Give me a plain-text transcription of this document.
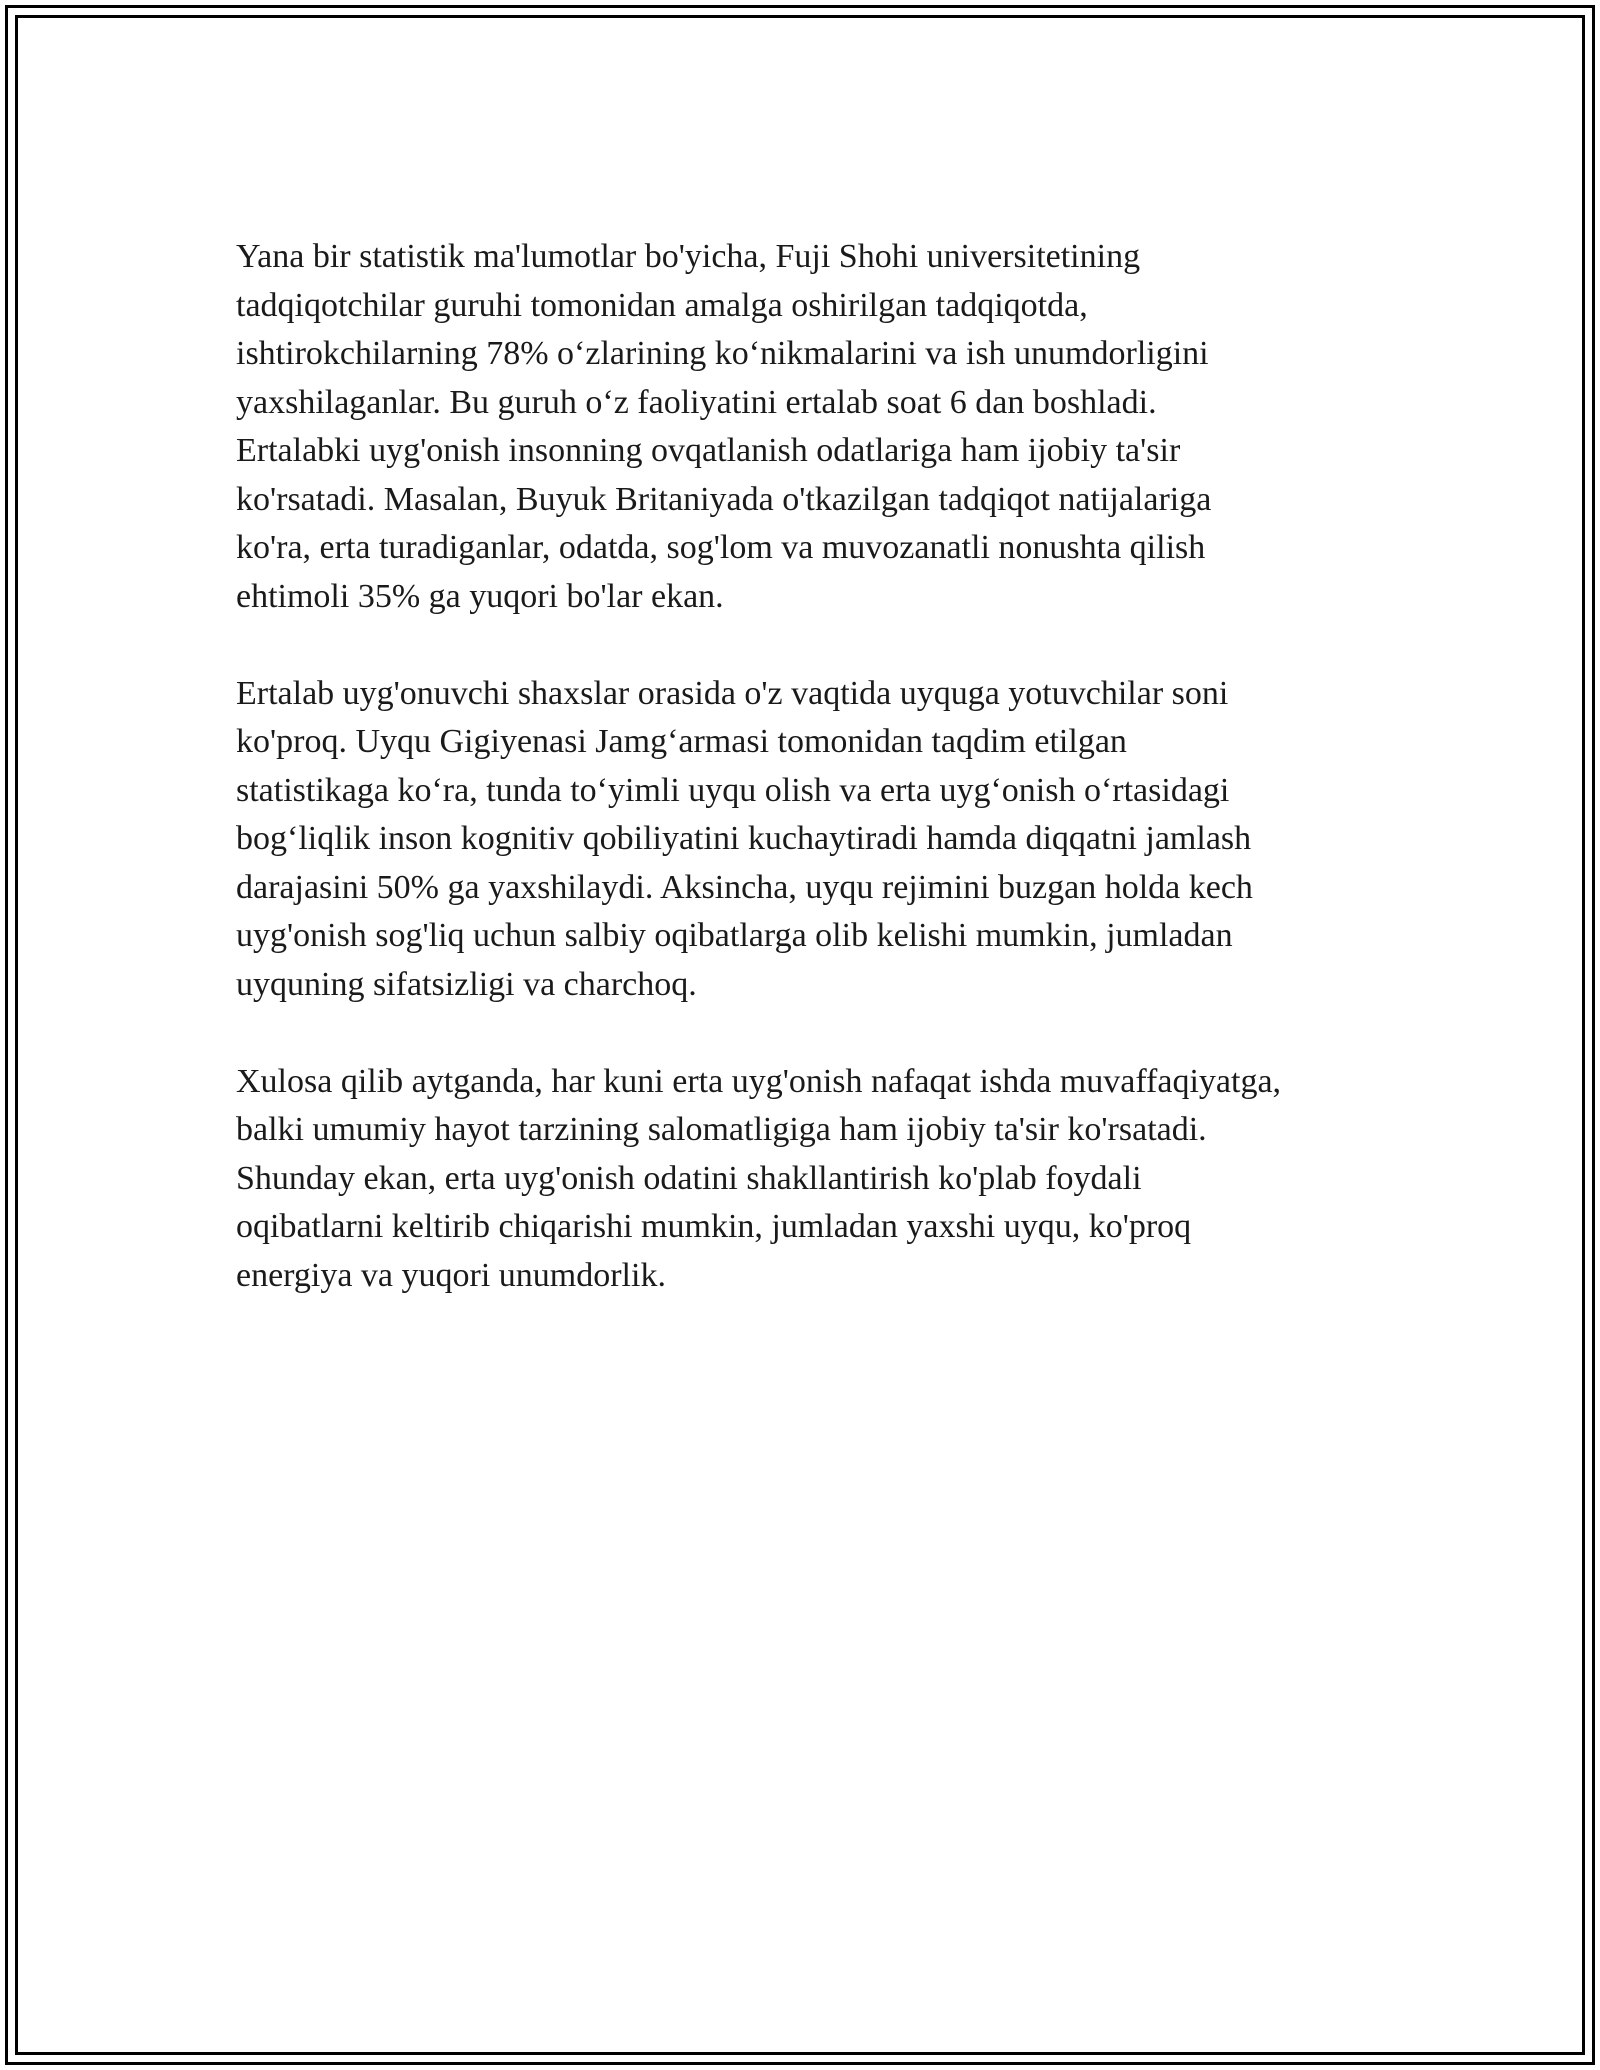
Yana bir statistik ma'lumotlar bo'yicha, Fuji Shohi universitetining
tadqiqotchilar guruhi tomonidan amalga oshirilgan tadqiqotda,
ishtirokchilarning 78% oʻzlarining koʻnikmalarini va ish unumdorligini
yaxshilaganlar. Bu guruh oʻz faoliyatini ertalab soat 6 dan boshladi.
Ertalabki uyg'onish insonning ovqatlanish odatlariga ham ijobiy ta'sir
ko'rsatadi. Masalan, Buyuk Britaniyada o'tkazilgan tadqiqot natijalariga
ko'ra, erta turadiganlar, odatda, sog'lom va muvozanatli nonushta qilish
ehtimoli 35% ga yuqori bo'lar ekan.

Ertalab uyg'onuvchi shaxslar orasida o'z vaqtida uyquga yotuvchilar soni
ko'proq. Uyqu Gigiyenasi Jamgʻarmasi tomonidan taqdim etilgan
statistikaga koʻra, tunda toʻyimli uyqu olish va erta uygʻonish oʻrtasidagi
bogʻliqlik inson kognitiv qobiliyatini kuchaytiradi hamda diqqatni jamlash
darajasini 50% ga yaxshilaydi. Aksincha, uyqu rejimini buzgan holda kech
uyg'onish sog'liq uchun salbiy oqibatlarga olib kelishi mumkin, jumladan
uyquning sifatsizligi va charchoq.

Xulosa qilib aytganda, har kuni erta uyg'onish nafaqat ishda muvaffaqiyatga,
balki umumiy hayot tarzining salomatligiga ham ijobiy ta'sir ko'rsatadi.
Shunday ekan, erta uyg'onish odatini shakllantirish ko'plab foydali
oqibatlarni keltirib chiqarishi mumkin, jumladan yaxshi uyqu, ko'proq
energiya va yuqori unumdorlik.
